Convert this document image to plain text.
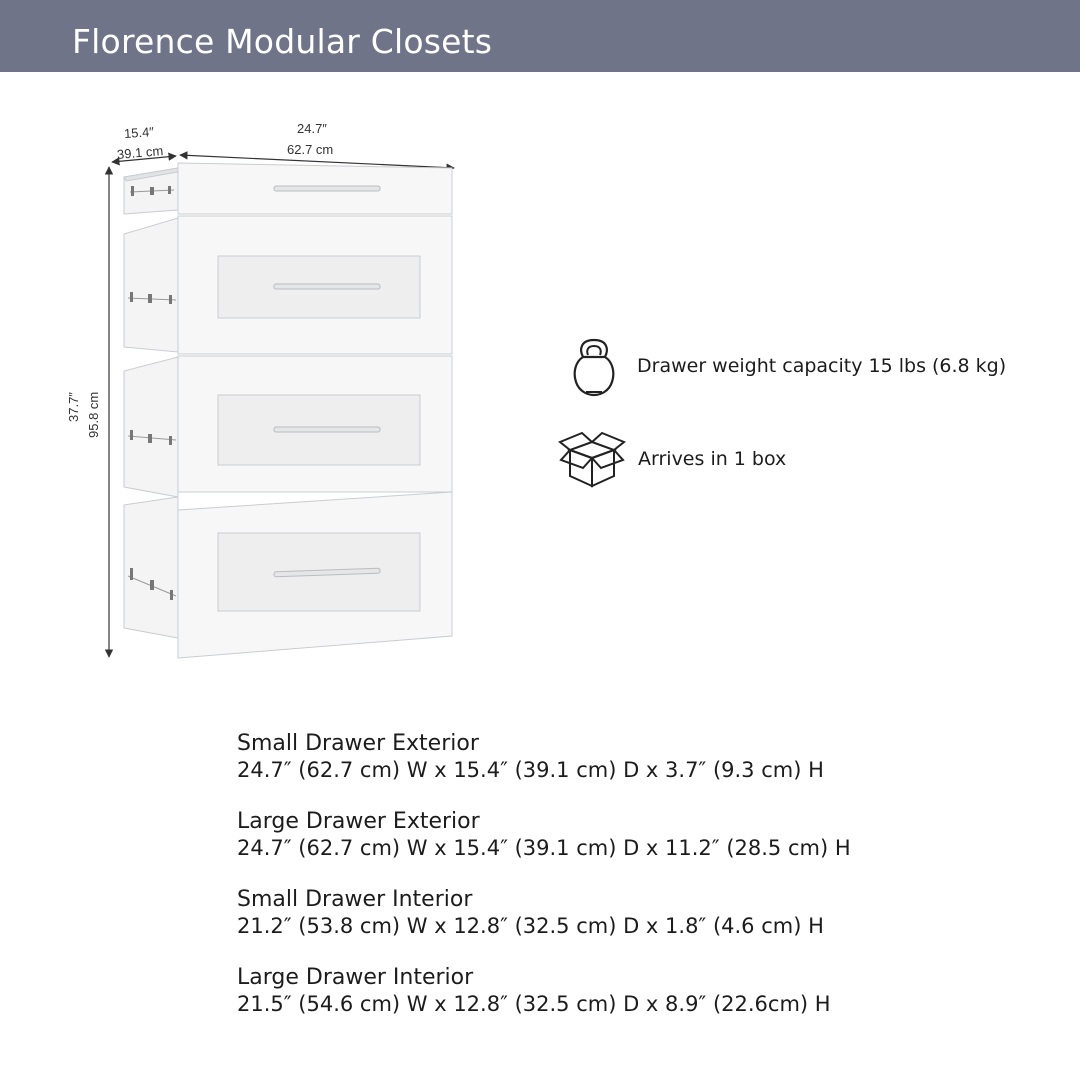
Florence Modular Closets
15.4″
39.1 cm
24.7″
62.7 cm
37.7″ 95.8 cm
Drawer weight capacity 15 lbs (6.8 kg)
Arrives in 1 box
Small Drawer Exterior
24.7″ (62.7 cm) W x 15.4″ (39.1 cm) D x 3.7″ (9.3 cm) H
Large Drawer Exterior
24.7″ (62.7 cm) W x 15.4″ (39.1 cm) D x 11.2″ (28.5 cm) H
Small Drawer Interior
21.2″ (53.8 cm) W x 12.8″ (32.5 cm) D x 1.8″ (4.6 cm) H
Large Drawer Interior
21.5″ (54.6 cm) W x 12.8″ (32.5 cm) D x 8.9″ (22.6cm) H
